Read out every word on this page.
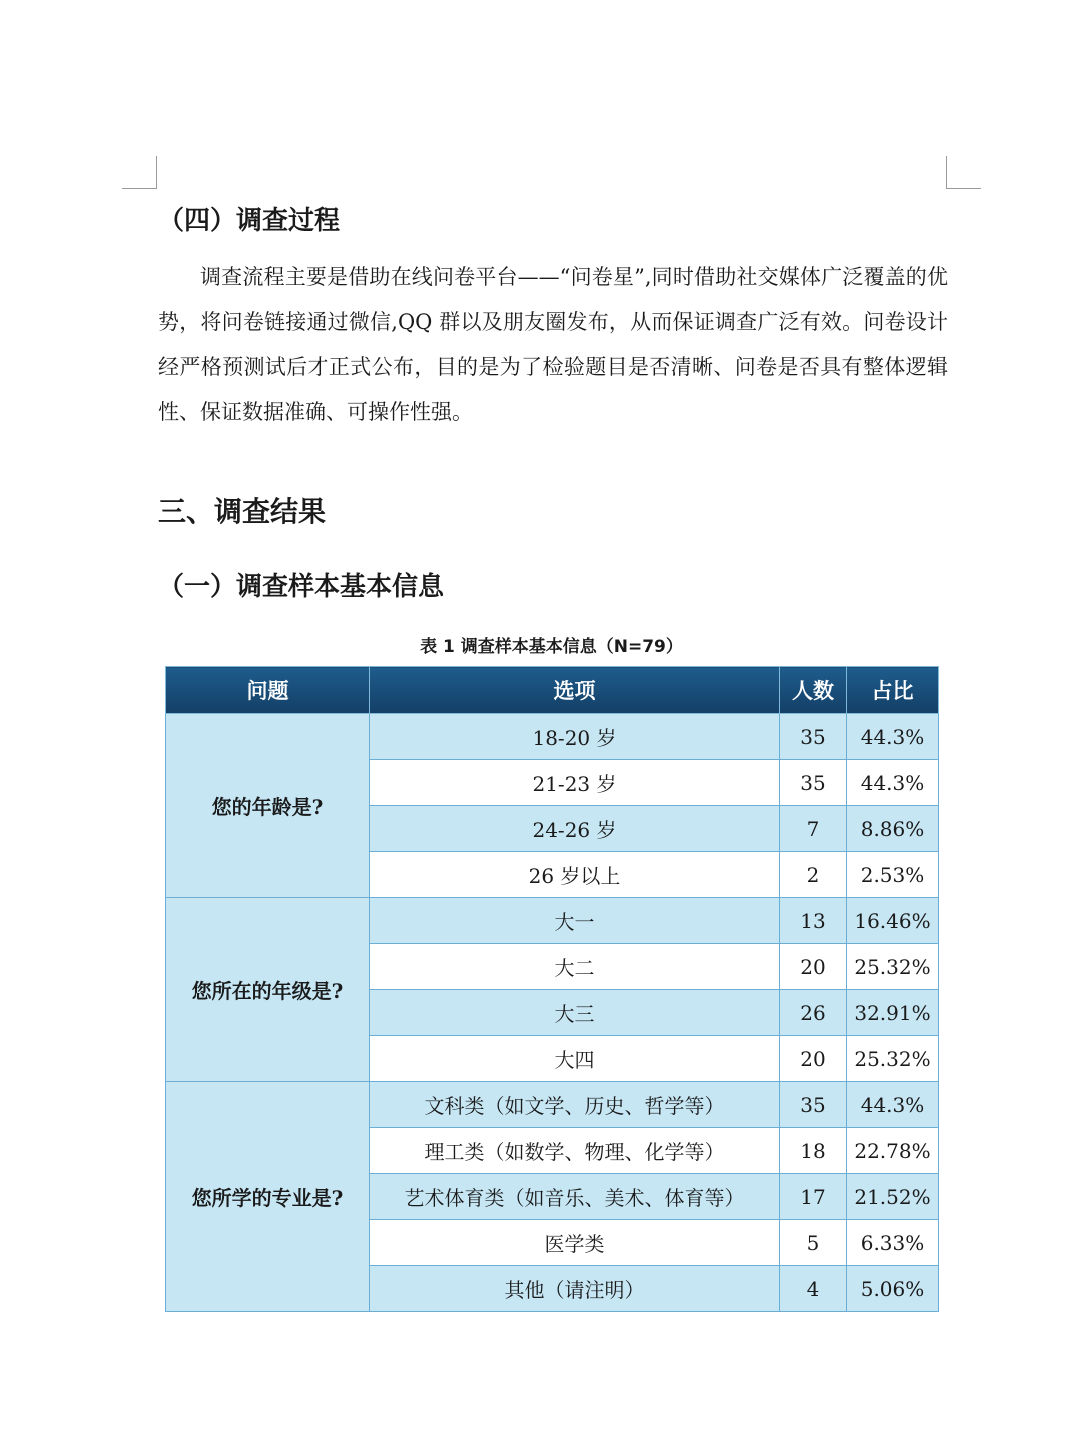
（四）调查过程

调查流程主要是借助在线问卷平台——“问卷星”,同时借助社交媒体广泛覆盖的优势，将问卷链接通过微信,QQ 群以及朋友圈发布，从而保证调查广泛有效。问卷设计经严格预测试后才正式公布，目的是为了检验题目是否清晰、问卷是否具有整体逻辑性、保证数据准确、可操作性强。

三、调查结果
（一）调查样本基本信息
表 1 调查样本基本信息（N=79）
问题	选项	人数	占比
您的年龄是?	18-20 岁	35	44.3%
	21-23 岁	35	44.3%
	24-26 岁	7	8.86%
	26 岁以上	2	2.53%
您所在的年级是?	大一	13	16.46%
	大二	20	25.32%
	大三	26	32.91%
	大四	20	25.32%
您所学的专业是?	文科类（如文学、历史、哲学等）	35	44.3%
	理工类（如数学、物理、化学等）	18	22.78%
	艺术体育类（如音乐、美术、体育等）	17	21.52%
	医学类	5	6.33%
	其他（请注明）	4	5.06%
